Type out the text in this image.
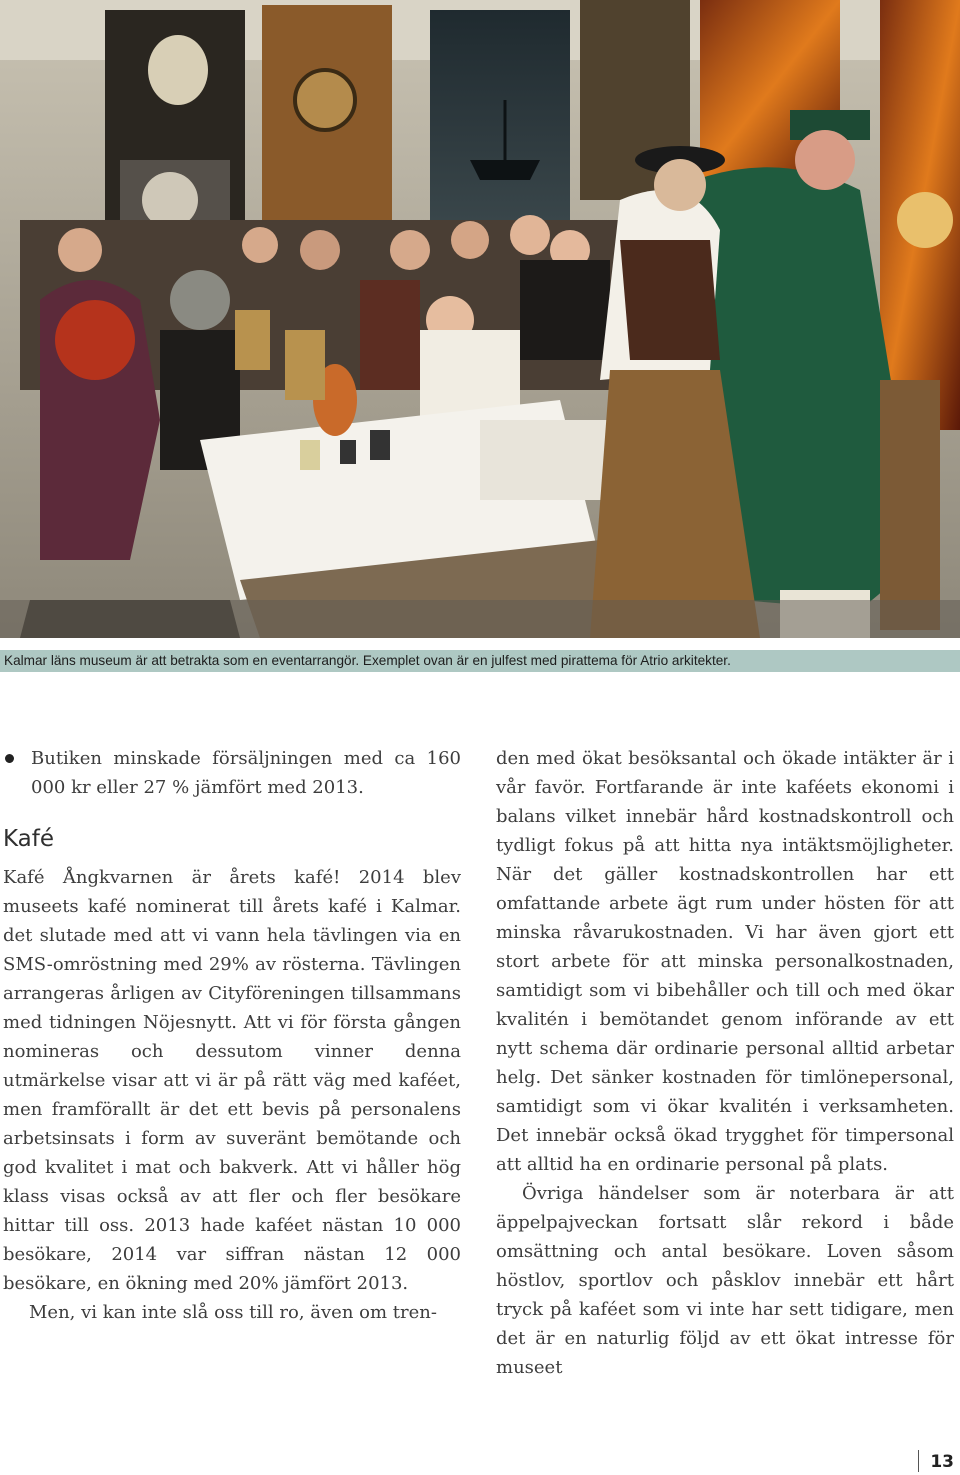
Kalmar läns museum är att betrakta som en eventarrangör. Exemplet ovan är en julfest med pirattema för Atrio arkitekter.

Butiken minskade försäljningen med ca 160 000 kr eller 27 % jämfört med 2013.

Kafé

Kafé Ångkvarnen är årets kafé! 2014 blev museets kafé nominerat till årets kafé i Kalmar. det slutade med att vi vann hela tävlingen via en SMS-omröstning med 29% av rösterna. Tävlingen arrangeras årligen av Cityföreningen tillsammans med tidningen Nöjesnytt. Att vi för första gången nomineras och dessutom vinner denna utmärkelse visar att vi är på rätt väg med kaféet, men framförallt är det ett bevis på personalens arbetsinsats i form av suveränt bemötande och god kvalitet i mat och bakverk. Att vi håller hög klass visas också av att fler och fler besökare hittar till oss. 2013 hade kaféet nästan 10 000 besökare, 2014 var siffran nästan 12 000 besökare, en ökning med 20% jämfört 2013.

Men, vi kan inte slå oss till ro, även om tren-

den med ökat besöksantal och ökade intäkter är i vår favör. Fortfarande är inte kaféets ekonomi i balans vilket innebär hård kostnadskontroll och tydligt fokus på att hitta nya intäktsmöjligheter. När det gäller kostnadskontrollen har ett omfattande arbete ägt rum under hösten för att minska råvarukostnaden. Vi har även gjort ett stort arbete för att minska personalkostnaden, samtidigt som vi bibehåller och till och med ökar kvalitén i bemötandet genom införande av ett nytt schema där ordinarie personal alltid arbetar helg. Det sänker kostnaden för timlönepersonal, samtidigt som vi ökar kvalitén i verksamheten. Det innebär också ökad trygghet för timpersonal att alltid ha en ordinarie personal på plats.

Övriga händelser som är noterbara är att äppelpajveckan fortsatt slår rekord i både omsättning och antal besökare. Loven såsom höstlov, sportlov och påsklov innebär ett hårt tryck på kaféet som vi inte har sett tidigare, men det är en naturlig följd av ett ökat intresse för museet

13
